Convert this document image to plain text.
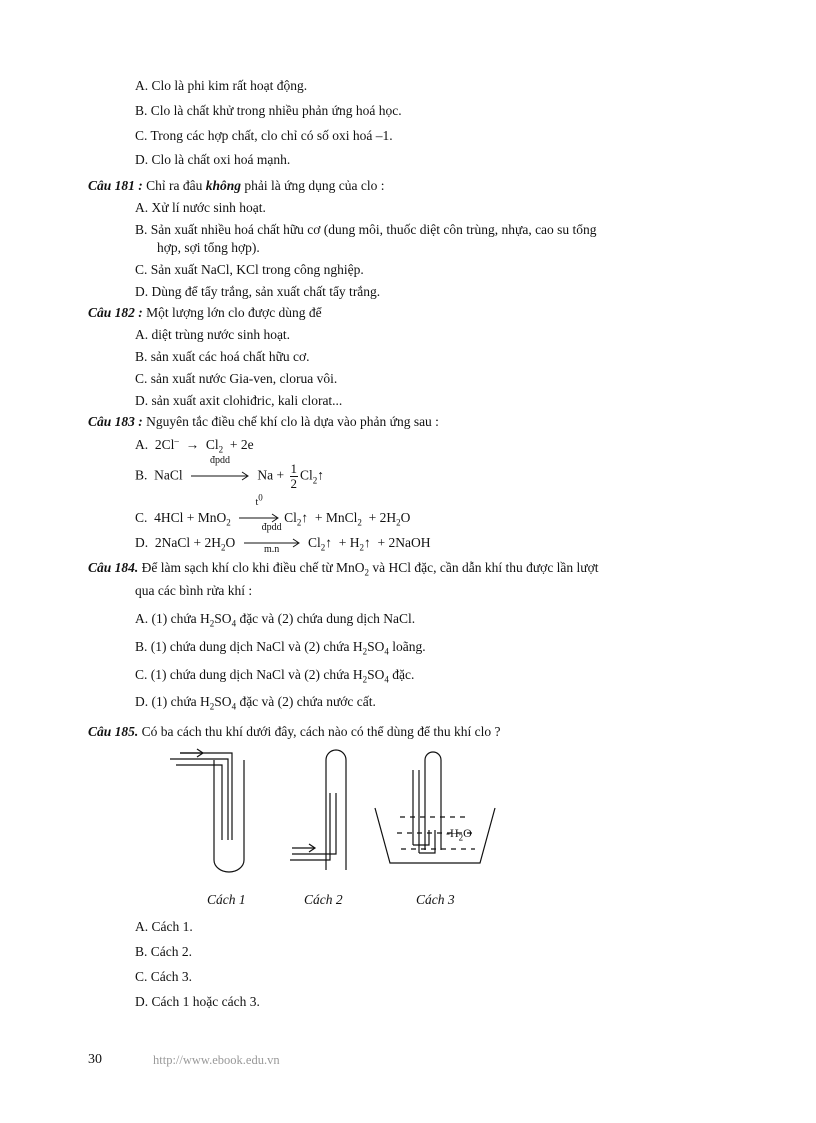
A. Clo là phi kim rất hoạt động.
B. Clo là chất khử trong nhiều phản ứng hoá học.
C. Trong các hợp chất, clo chỉ có số oxi hoá –1.
D. Clo là chất oxi hoá mạnh.
Câu 181 : Chỉ ra đâu không phải là ứng dụng của clo :
A. Xử lí nước sinh hoạt.
B. Sản xuất nhiều hoá chất hữu cơ (dung môi, thuốc diệt côn trùng, nhựa, cao su tổng
hợp, sợi tổng hợp).
C. Sản xuất NaCl, KCl trong công nghiệp.
D. Dùng để tẩy trắng, sản xuất chất tẩy trắng.
Câu 182 : Một lượng lớn clo được dùng để
A. diệt trùng nước sinh hoạt.
B. sản xuất các hoá chất hữu cơ.
C. sản xuất nước Gia-ven, clorua vôi.
D. sản xuất axit clohiđric, kali clorat...
Câu 183 : Nguyên tắc điều chế khí clo là dựa vào phản ứng sau :
A. $2Cl^- \to Cl_2 + 2e$
B. NaCl
đpdd
$Na + \frac{1}{2}$ $Cl_2↑$
C. 4HCl + MnO$_2$
$t^0$
$Cl_2↑$ + MnCl$_2$ + $2H_2O$
D. 2NaCl + $2H_2O$
đpdd
m.n	$Cl_2↑$ + $H_2↑$ + 2NaOH
Câu 184. Để làm sạch khí clo khi điều chế từ MnO$_2$ và HCl đặc, cần dẫn khí thu được lần lượt
qua các bình rửa khí :
A. (1) chứa $H_2SO_4$ đặc và (2) chứa dung dịch NaCl.
B. (1) chứa dung dịch NaCl và (2) chứa $H_2SO_4$ loãng.
C. (1) chứa dung dịch NaCl và (2) chứa $H_2SO_4$ đặc.
D. (1) chứa $H_2SO_4$ đặc và (2) chứa nước cất.
Câu 185. Có ba cách thu khí dưới đây, cách nào có thể dùng để thu khí clo ?
$-H_2O$
Cách 1	Cách 2	Cách 3
A. Cách 1.
B. Cách 2.
C. Cách 3.
D. Cách 1 hoặc cách 3.
30	http://www.ebook.edu.vn
